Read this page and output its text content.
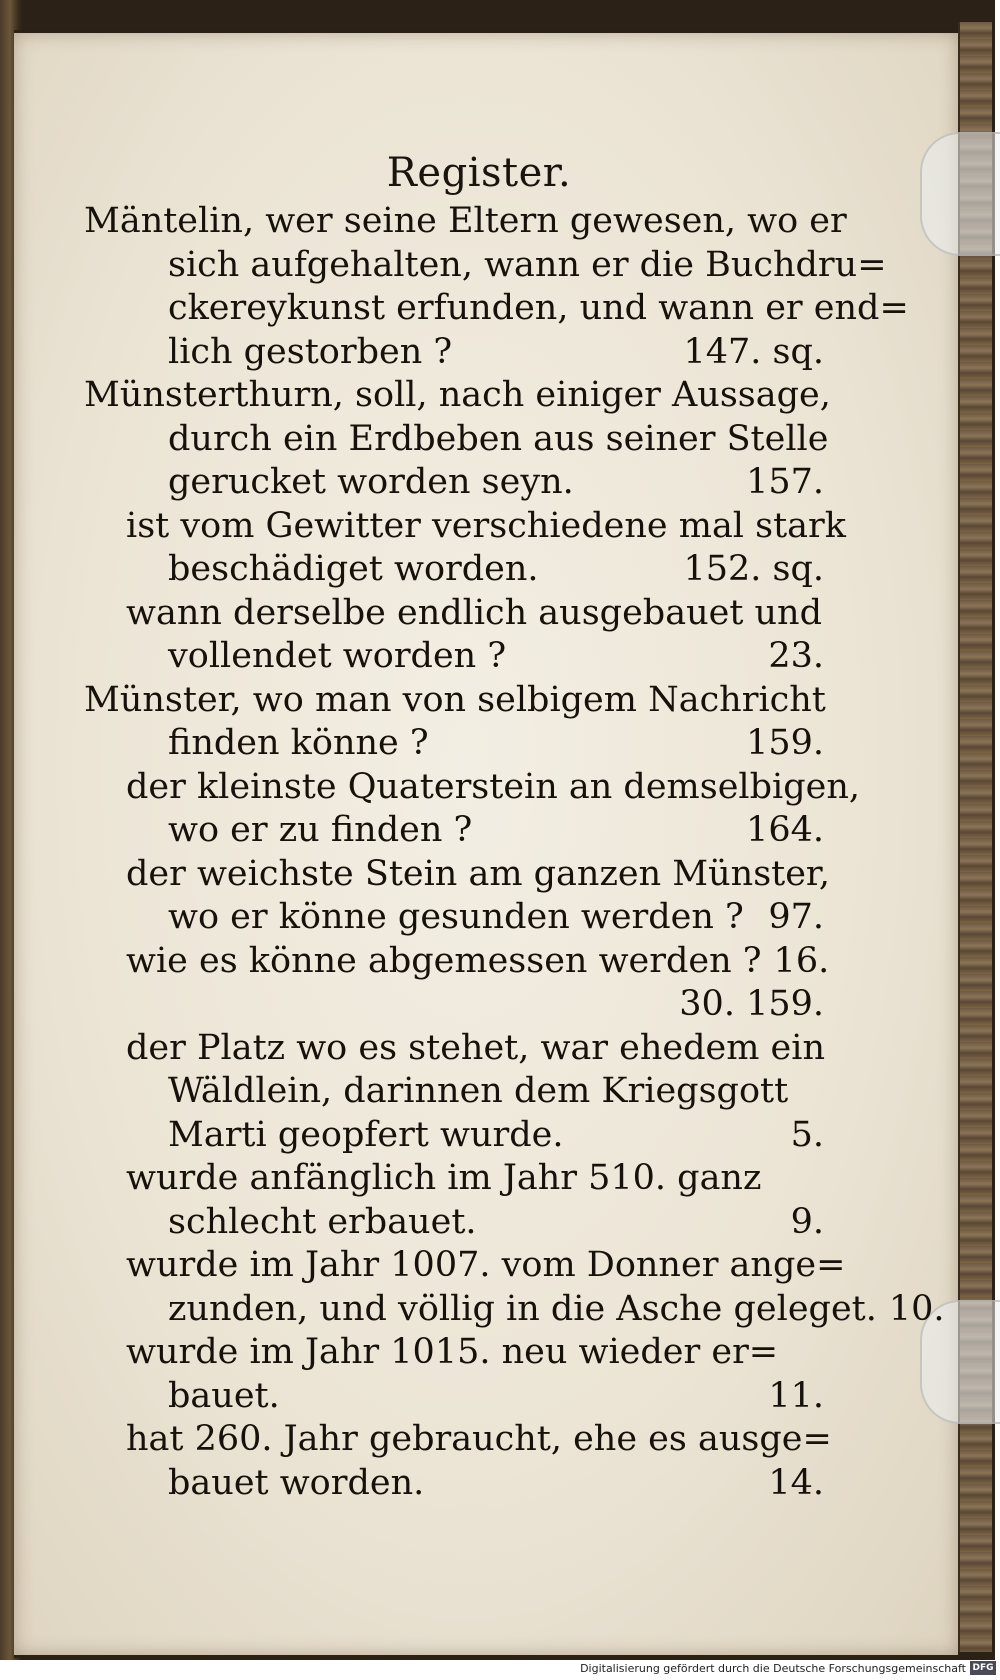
Register.
Mäntelin, wer seine Eltern gewesen, wo er
sich aufgehalten, wann er die Buchdru=
ckereykunst erfunden, und wann er end=
lich gestorben ?	147. sq.
Münsterthurn, soll, nach einiger Aussage,
durch ein Erdbeben aus seiner Stelle
gerucket worden seyn.	157.
ist vom Gewitter verschiedene mal stark
beschädiget worden.	152. sq.
wann derselbe endlich ausgebauet und
vollendet worden ?	23.
Münster, wo man von selbigem Nachricht
finden könne ?	159.
der kleinste Quaterstein an demselbigen,
wo er zu finden ?	164.
der weichste Stein am ganzen Münster,
wo er könne gesunden werden ? 97.
wie es könne abgemessen werden ? 16.
30. 159.
der Platz wo es stehet, war ehedem ein
Wäldlein, darinnen dem Kriegsgott
Marti geopfert wurde.	5.
wurde anfänglich im Jahr 510. ganz
schlecht erbauet.	9.
wurde im Jahr 1007. vom Donner ange=
zunden, und völlig in die Asche geleget. 10.
wurde im Jahr 1015. neu wieder er=
bauet.	11.
hat 260. Jahr gebraucht, ehe es ausge=
bauet worden.	14.
Digitalisierung gefördert durch die Deutsche Forschungsgemeinschaft DFG
